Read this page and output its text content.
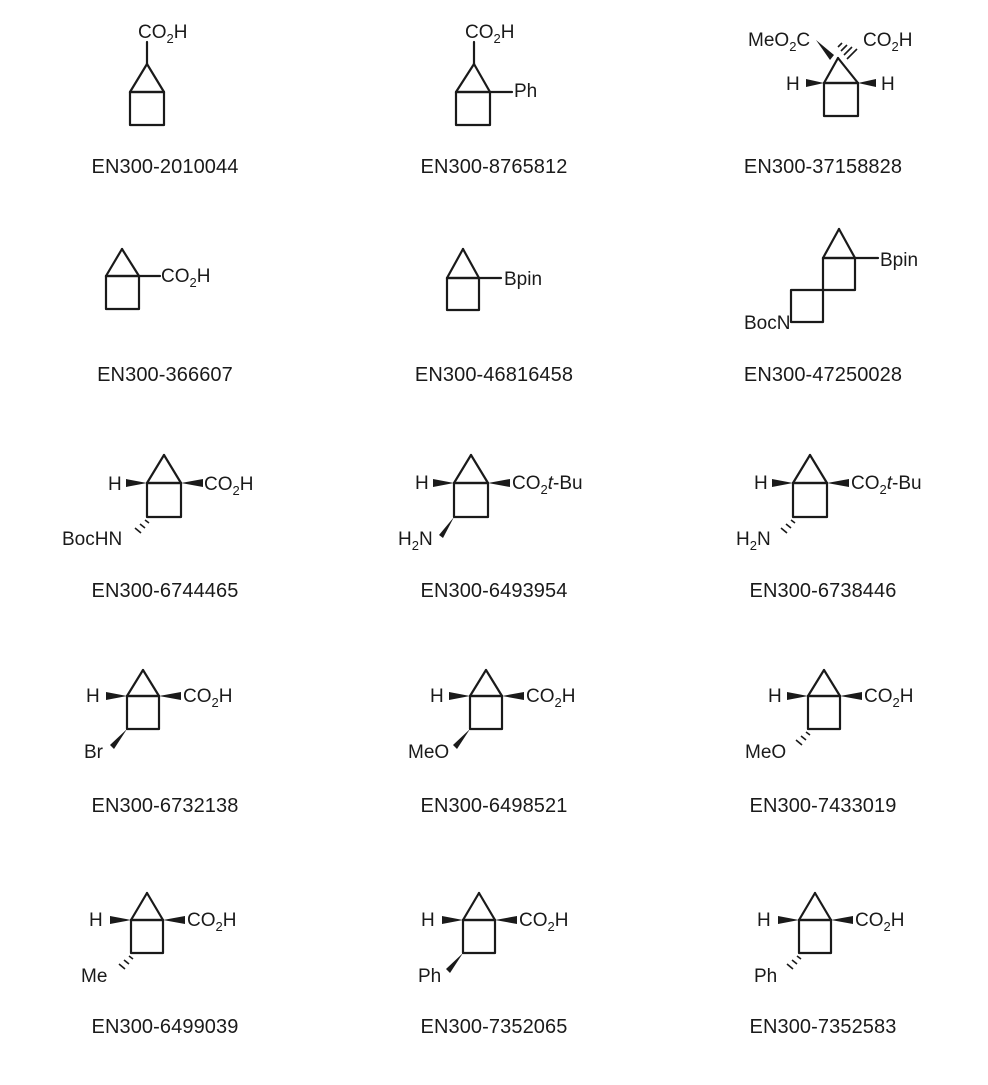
$CO_2H$
EN300-2010044
$CO_2H$
Ph
EN300-8765812
MeO$_2$C	$CO_2H$
H	H
EN300-37158828
$CO_2H$
EN300-366607
Bpin
EN300-46816458
Bpin
BocN
EN300-47250028
H	$CO_2H$
BocHN
EN300-6744465
H	$CO_2t-Bu$
$H_2N$
EN300-6493954
H	$CO_2t-Bu$
$H_2N$
EN300-6738446
H	$CO_2H$
Br
EN300-6732138
H	$CO_2H$
MeO
EN300-6498521
H	$CO_2H$
MeO
EN300-7433019
H	$CO_2H$
Me
EN300-6499039
H	$CO_2H$
Ph
EN300-7352065
H	$CO_2H$
Ph
EN300-7352583
